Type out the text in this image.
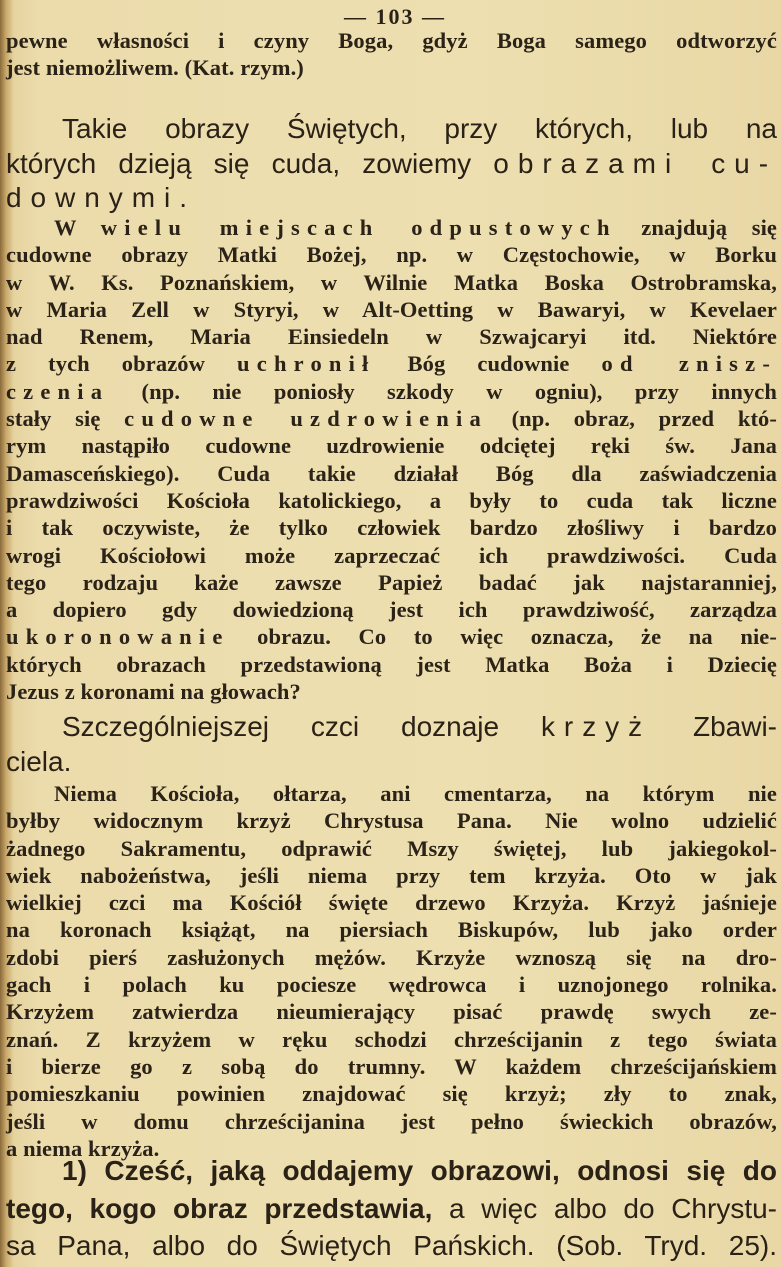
— 103 —
pewne własności i czyny Boga, gdyż Boga samego odtworzyć
jest niemożliwem. (Kat. rzym.)
Takie obrazy Świętych, przy których, lub na
których dzieją się cuda, zowiemy obrazami cu-
downymi.
W wielu miejscach odpustowych znajdują się
cudowne obrazy Matki Bożej, np. w Częstochowie, w Borku
w W. Ks. Poznańskiem, w Wilnie Matka Boska Ostrobramska,
w Maria Zell w Styryi, w Alt-Oetting w Bawaryi, w Kevelaer
nad Renem, Maria Einsiedeln w Szwajcaryi itd. Niektóre
z tych obrazów uchronił Bóg cudownie od znisz-
czenia (np. nie poniosły szkody w ogniu), przy innych
stały się cudowne uzdrowienia (np. obraz, przed któ-
rym nastąpiło cudowne uzdrowienie odciętej ręki św. Jana
Damasceńskiego). Cuda takie działał Bóg dla zaświadczenia
prawdziwości Kościoła katolickiego, a były to cuda tak liczne
i tak oczywiste, że tylko człowiek bardzo złośliwy i bardzo
wrogi Kościołowi może zaprzeczać ich prawdziwości. Cuda
tego rodzaju każe zawsze Papież badać jak najstaranniej,
a dopiero gdy dowiedzioną jest ich prawdziwość, zarządza
ukoronowanie obrazu. Co to więc oznacza, że na nie-
których obrazach przedstawioną jest Matka Boża i Dziecię
Jezus z koronami na głowach?
Szczególniejszej czci doznaje krzyż Zbawi-
ciela.
Niema Kościoła, ołtarza, ani cmentarza, na którym nie
byłby widocznym krzyż Chrystusa Pana. Nie wolno udzielić
żadnego Sakramentu, odprawić Mszy świętej, lub jakiegokol-
wiek nabożeństwa, jeśli niema przy tem krzyża. Oto w jak
wielkiej czci ma Kościół święte drzewo Krzyża. Krzyż jaśnieje
na koronach książąt, na piersiach Biskupów, lub jako order
zdobi pierś zasłużonych mężów. Krzyże wznoszą się na dro-
gach i polach ku pociesze wędrowca i uznojonego rolnika.
Krzyżem zatwierdza nieumierający pisać prawdę swych ze-
znań. Z krzyżem w ręku schodzi chrześcijanin z tego świata
i bierze go z sobą do trumny. W każdem chrześcijańskiem
pomieszkaniu powinien znajdować się krzyż; zły to znak,
jeśli w domu chrześcijanina jest pełno świeckich obrazów,
a niema krzyża.
1) Cześć, jaką oddajemy obrazowi, odnosi się do
tego, kogo obraz przedstawia, a więc albo do Chrystu-
sa Pana, albo do Świętych Pańskich. (Sob. Tryd. 25).
